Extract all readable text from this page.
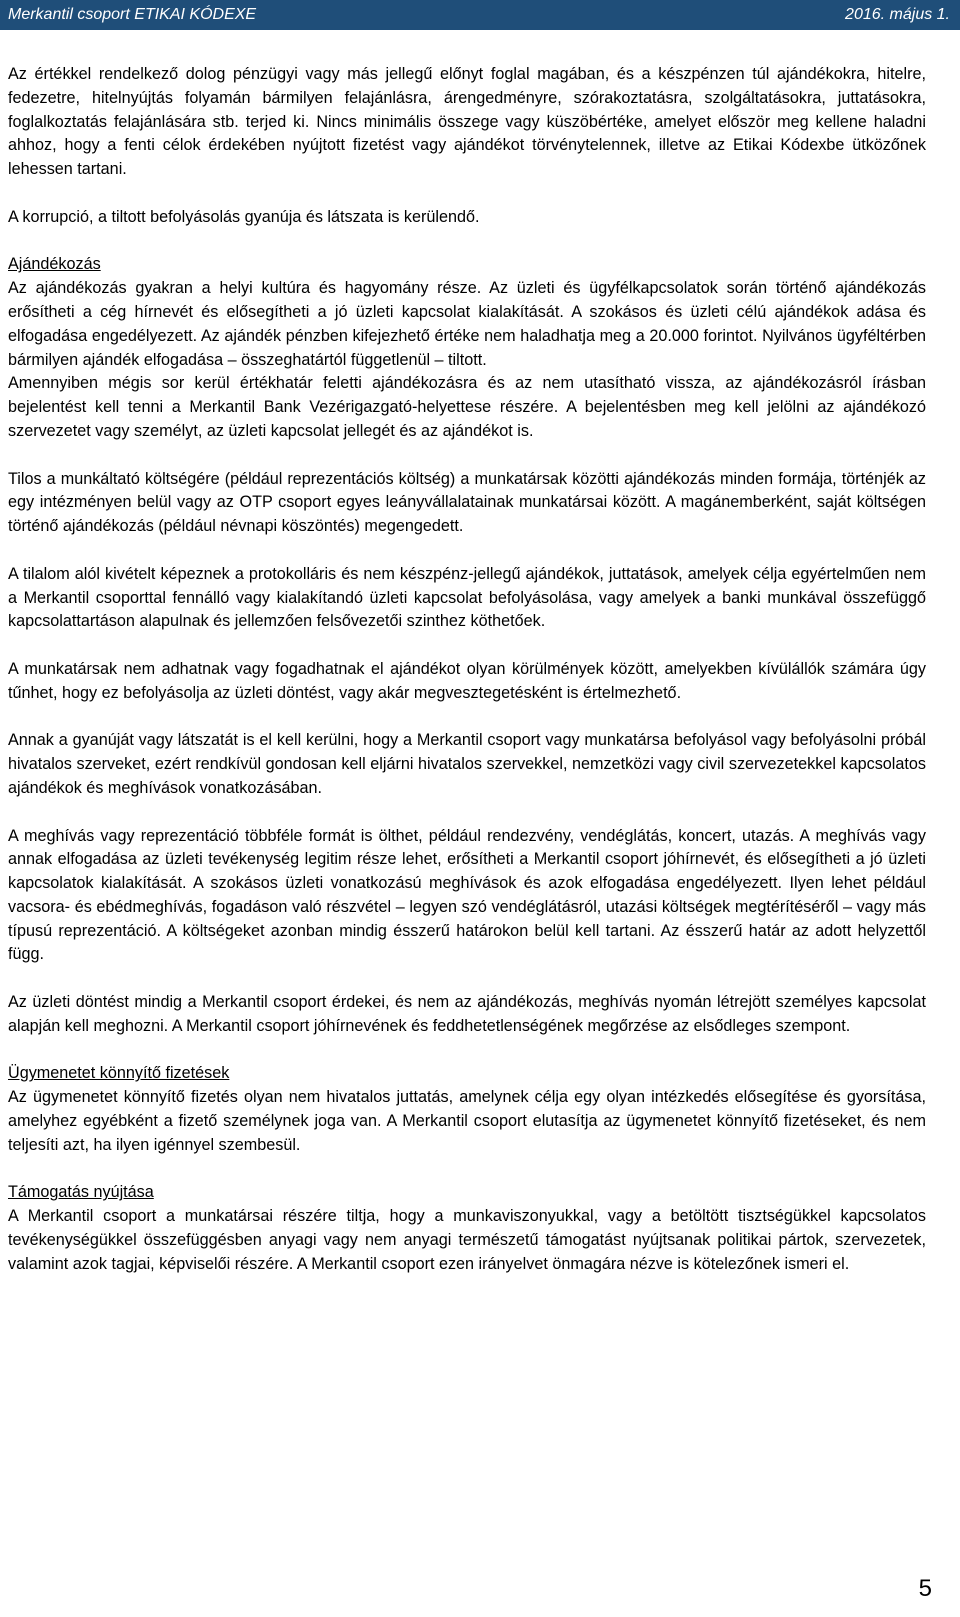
Merkantil csoport ETIKAI KÓDEXE	2016. május 1.

Az értékkel rendelkező dolog pénzügyi vagy más jellegű előnyt foglal magában, és a készpénzen túl ajándékokra, hitelre, fedezetre, hitelnyújtás folyamán bármilyen felajánlásra, árengedményre, szórakoztatásra, szolgáltatásokra, juttatásokra, foglalkoztatás felajánlására stb. terjed ki. Nincs minimális összege vagy küszöbértéke, amelyet először meg kellene haladni ahhoz, hogy a fenti célok érdekében nyújtott fizetést vagy ajándékot törvénytelennek, illetve az Etikai Kódexbe ütközőnek lehessen tartani.

A korrupció, a tiltott befolyásolás gyanúja és látszata is kerülendő.

Ajándékozás

Az ajándékozás gyakran a helyi kultúra és hagyomány része. Az üzleti és ügyfélkapcsolatok során történő ajándékozás erősítheti a cég hírnevét és elősegítheti a jó üzleti kapcsolat kialakítását. A szokásos és üzleti célú ajándékok adása és elfogadása engedélyezett. Az ajándék pénzben kifejezhető értéke nem haladhatja meg a 20.000 forintot. Nyilvános ügyféltérben bármilyen ajándék elfogadása – összeghatártól függetlenül – tiltott.

Amennyiben mégis sor kerül értékhatár feletti ajándékozásra és az nem utasítható vissza, az ajándékozásról írásban bejelentést kell tenni a Merkantil Bank Vezérigazgató-helyettese részére. A bejelentésben meg kell jelölni az ajándékozó szervezetet vagy személyt, az üzleti kapcsolat jellegét és az ajándékot is.

Tilos a munkáltató költségére (például reprezentációs költség) a munkatársak közötti ajándékozás minden formája, történjék az egy intézményen belül vagy az OTP csoport egyes leányvállalatainak munkatársai között. A magánemberként, saját költségen történő ajándékozás (például névnapi köszöntés) megengedett.

A tilalom alól kivételt képeznek a protokolláris és nem készpénz-jellegű ajándékok, juttatások, amelyek célja egyértelműen nem a Merkantil csoporttal fennálló vagy kialakítandó üzleti kapcsolat befolyásolása, vagy amelyek a banki munkával összefüggő kapcsolattartáson alapulnak és jellemzően felsővezetői szinthez köthetőek.

A munkatársak nem adhatnak vagy fogadhatnak el ajándékot olyan körülmények között, amelyekben kívülállók számára úgy tűnhet, hogy ez befolyásolja az üzleti döntést, vagy akár megvesztegetésként is értelmezhető.

Annak a gyanúját vagy látszatát is el kell kerülni, hogy a Merkantil csoport vagy munkatársa befolyásol vagy befolyásolni próbál hivatalos szerveket, ezért rendkívül gondosan kell eljárni hivatalos szervekkel, nemzetközi vagy civil szervezetekkel kapcsolatos ajándékok és meghívások vonatkozásában.

A meghívás vagy reprezentáció többféle formát is ölthet, például rendezvény, vendéglátás, koncert, utazás. A meghívás vagy annak elfogadása az üzleti tevékenység legitim része lehet, erősítheti a Merkantil csoport jóhírnevét, és elősegítheti a jó üzleti kapcsolatok kialakítását. A szokásos üzleti vonatkozású meghívások és azok elfogadása engedélyezett. Ilyen lehet például vacsora- és ebédmeghívás, fogadáson való részvétel – legyen szó vendéglátásról, utazási költségek megtérítéséről – vagy más típusú reprezentáció. A költségeket azonban mindig ésszerű határokon belül kell tartani. Az ésszerű határ az adott helyzettől függ.

Az üzleti döntést mindig a Merkantil csoport érdekei, és nem az ajándékozás, meghívás nyomán létrejött személyes kapcsolat alapján kell meghozni. A Merkantil csoport jóhírnevének és feddhetetlenségének megőrzése az elsődleges szempont.

Ügymenetet könnyítő fizetések

Az ügymenetet könnyítő fizetés olyan nem hivatalos juttatás, amelynek célja egy olyan intézkedés elősegítése és gyorsítása, amelyhez egyébként a fizető személynek joga van. A Merkantil csoport elutasítja az ügymenetet könnyítő fizetéseket, és nem teljesíti azt, ha ilyen igénnyel szembesül.

Támogatás nyújtása

A Merkantil csoport a munkatársai részére tiltja, hogy a munkaviszonyukkal, vagy a betöltött tisztségükkel kapcsolatos tevékenységükkel összefüggésben anyagi vagy nem anyagi természetű támogatást nyújtsanak politikai pártok, szervezetek, valamint azok tagjai, képviselői részére. A Merkantil csoport ezen irányelvet önmagára nézve is kötelezőnek ismeri el.

5
